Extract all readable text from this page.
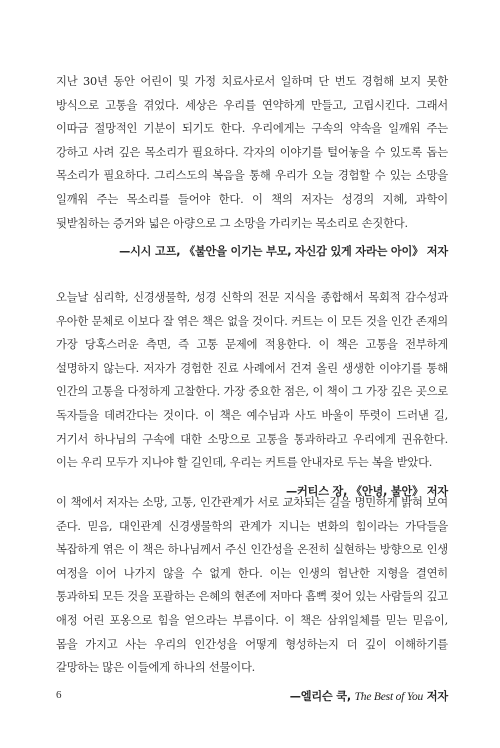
지난 30년 동안 어린이 및 가정 치료사로서 일하며 단 번도 경험해 보지 못한 방식으로 고통을 겪었다. 세상은 우리를 연약하게 만들고, 고립시킨다. 그래서 이따금 절망적인 기분이 되기도 한다. 우리에게는 구속의 약속을 일깨워 주는 강하고 사려 깊은 목소리가 필요하다. 각자의 이야기를 털어놓을 수 있도록 돕는 목소리가 필요하다. 그리스도의 복음을 통해 우리가 오늘 경험할 수 있는 소망을 일깨워 주는 목소리를 들어야 한다. 이 책의 저자는 성경의 지혜, 과학이 뒷받침하는 증거와 넓은 아량으로 그 소망을 가리키는 목소리로 손짓한다.

—시시 고프, 《불안을 이기는 부모, 자신감 있게 자라는 아이》 저자

오늘날 심리학, 신경생물학, 성경 신학의 전문 지식을 종합해서 목회적 감수성과 우아한 문체로 이보다 잘 엮은 책은 없을 것이다. 커트는 이 모든 것을 인간 존재의 가장 당혹스러운 측면, 즉 고통 문제에 적용한다. 이 책은 고통을 전부하게 설명하지 않는다. 저자가 경험한 진료 사례에서 건져 올린 생생한 이야기를 통해 인간의 고통을 다정하게 고찰한다. 가장 중요한 점은, 이 책이 그 가장 깊은 곳으로 독자들을 데려간다는 것이다. 이 책은 예수님과 사도 바울이 뚜렷이 드러낸 길, 거기서 하나님의 구속에 대한 소망으로 고통을 통과하라고 우리에게 권유한다. 이는 우리 모두가 지나야 할 길인데, 우리는 커트를 안내자로 두는 복을 받았다.

—커티스 장, 《안녕, 불안》 저자

이 책에서 저자는 소망, 고통, 인간관계가 서로 교차되는 길을 명민하게 밝혀 보여 준다. 믿음, 대인관계 신경생물학의 관계가 지니는 변화의 힘이라는 가닥들을 복잡하게 엮은 이 책은 하나님께서 주신 인간성을 온전히 실현하는 방향으로 인생 여정을 이어 나가지 않을 수 없게 한다. 이는 인생의 험난한 지형을 결연히 통과하되 모든 것을 포괄하는 은혜의 현존에 저마다 흠뻑 젖어 있는 사람들의 깊고 애정 어린 포옹으로 힘을 얻으라는 부름이다. 이 책은 삼위일체를 믿는 믿음이, 몸을 가지고 사는 우리의 인간성을 어떻게 형성하는지 더 깊이 이해하기를 갈망하는 많은 이들에게 하나의 선물이다.

—엘리슨 쿡, The Best of You 저자
6
